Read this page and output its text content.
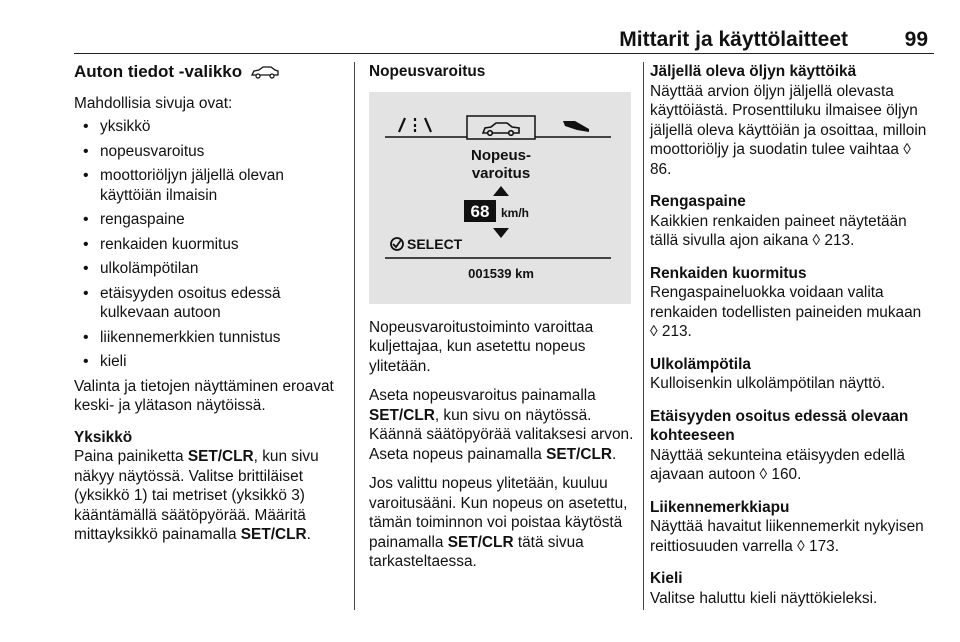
Mittarit ja käyttölaitteet	99
Auton tiedot -valikko
Mahdollisia sivuja ovat:
• yksikkö
• nopeusvaroitus
• moottoriöljyn jäljellä olevan käyttöiän ilmaisin
• rengaspaine
• renkaiden kuormitus
• ulkolämpötilan
• etäisyyden osoitus edessä kulkevaan autoon
• liikennemerkkien tunnistus
• kieli
Valinta ja tietojen näyttäminen eroavat keski- ja ylätason näytöissä.
Yksikkö
Paina painiketta SET/CLR, kun sivu näkyy näytössä. Valitse brittiläiset (yksikkö 1) tai metriset (yksikkö 3) kääntämällä säätöpyörää. Määritä mittayksikkö painamalla SET/CLR.
Nopeusvaroitus
Nopeus-
varoitus
68 km/h
SELECT
001539 km
Nopeusvaroitustoiminto varoittaa kuljettajaa, kun asetettu nopeus ylitetään.
Aseta nopeusvaroitus painamalla SET/CLR, kun sivu on näytössä. Käännä säätöpyörää valitaksesi arvon. Aseta nopeus painamalla SET/CLR.
Jos valittu nopeus ylitetään, kuuluu varoitusääni. Kun nopeus on asetettu, tämän toiminnon voi poistaa käytöstä painamalla SET/CLR tätä sivua tarkasteltaessa.
Jäljellä oleva öljyn käyttöikä
Näyttää arvion öljyn jäljellä olevasta käyttöiästä. Prosenttiluku ilmaisee öljyn jäljellä oleva käyttöiän ja osoittaa, milloin moottoriöljy ja suodatin tulee vaihtaa ◊ 86.
Rengaspaine
Kaikkien renkaiden paineet näytetään tällä sivulla ajon aikana ◊ 213.
Renkaiden kuormitus
Rengaspaineluokka voidaan valita renkaiden todellisten paineiden mukaan ◊ 213.
Ulkolämpötila
Kulloisenkin ulkolämpötilan näyttö.
Etäisyyden osoitus edessä olevaan kohteeseen
Näyttää sekunteina etäisyyden edellä ajavaan autoon ◊ 160.
Liikennemerkkiapu
Näyttää havaitut liikennemerkit nykyisen reittiosuuden varrella ◊ 173.
Kieli
Valitse haluttu kieli näyttökieleksi.
